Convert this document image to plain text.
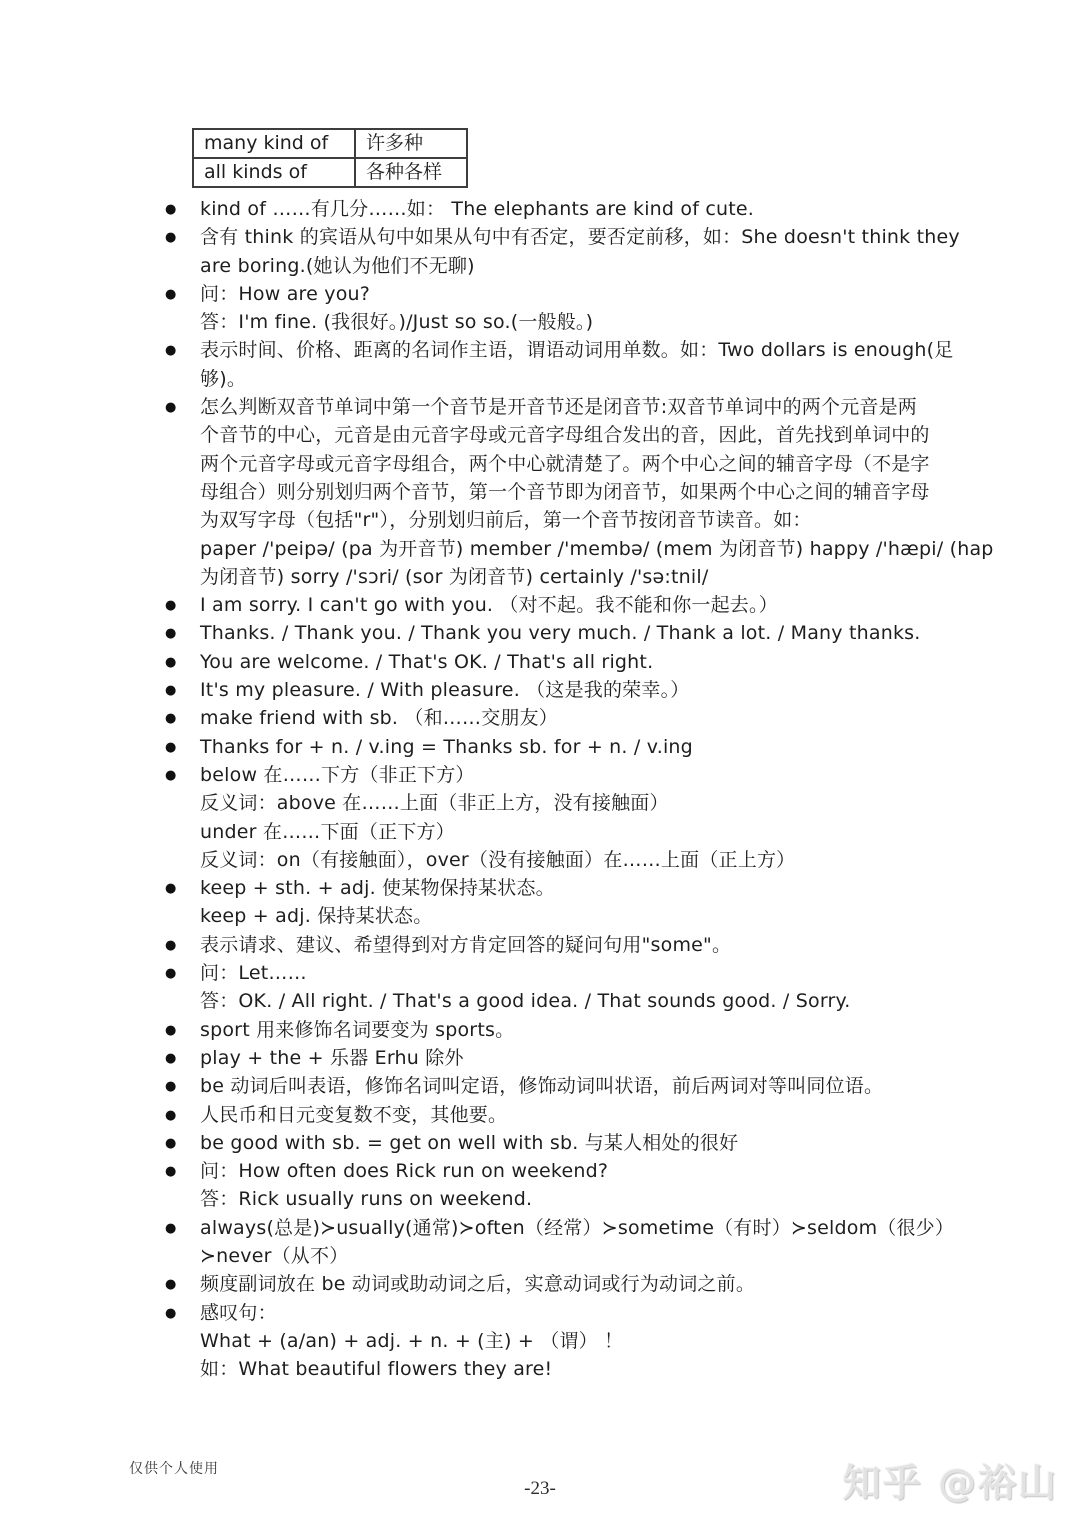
many kind of	许多种
all kinds of	各种各样
● kind of ……有几分……如： The elephants are kind of cute.
● 含有 think 的宾语从句中如果从句中有否定，要否定前移，如：She doesn't think they
are boring.(她认为他们不无聊)
● 问：How are you?
答：I'm fine. (我很好。)/Just so so.(一般般。)
● 表示时间、价格、距离的名词作主语，谓语动词用单数。如：Two dollars is enough(足
够)。
● 怎么判断双音节单词中第一个音节是开音节还是闭音节:双音节单词中的两个元音是两
个音节的中心，元音是由元音字母或元音字母组合发出的音，因此，首先找到单词中的
两个元音字母或元音字母组合，两个中心就清楚了。两个中心之间的辅音字母（不是字
母组合）则分别划归两个音节，第一个音节即为闭音节，如果两个中心之间的辅音字母
为双写字母（包括"r"），分别划归前后，第一个音节按闭音节读音。如：
paper /'peipə/ (pa 为开音节) member /'membə/ (mem 为闭音节) happy /'hæpi/ (hap
为闭音节) sorry /'sɔri/ (sor 为闭音节) certainly /'sə:tnil/
● I am sorry. I can't go with you. （对不起。我不能和你一起去。）
● Thanks. / Thank you. / Thank you very much. / Thank a lot. / Many thanks.
● You are welcome. / That's OK. / That's all right.
● It's my pleasure. / With pleasure. （这是我的荣幸。）
● make friend with sb. （和……交朋友）
● Thanks for + n. / v.ing = Thanks sb. for + n. / v.ing
● below 在……下方（非正下方）
反义词：above 在……上面（非正上方，没有接触面）
under 在……下面（正下方）
反义词：on（有接触面），over（没有接触面）在……上面（正上方）
● keep + sth. + adj. 使某物保持某状态。
keep + adj. 保持某状态。
● 表示请求、建议、希望得到对方肯定回答的疑问句用"some"。
● 问：Let……
答：OK. / All right. / That's a good idea. / That sounds good. / Sorry.
● sport 用来修饰名词要变为 sports。
● play + the + 乐器 Erhu 除外
● be 动词后叫表语，修饰名词叫定语，修饰动词叫状语，前后两词对等叫同位语。
● 人民币和日元变复数不变，其他要。
● be good with sb. = get on well with sb. 与某人相处的很好
● 问：How often does Rick run on weekend?
答：Rick usually runs on weekend.
● always(总是)≻usually(通常)≻often（经常）≻sometime（有时）≻seldom（很少）
≻never（从不）
● 频度副词放在 be 动词或助动词之后，实意动词或行为动词之前。
● 感叹句：
What + (a/an) + adj. + n. + (主) + （谓） ！
如：What beautiful flowers they are!
仅供个人使用
-23-	知乎 @裕山
